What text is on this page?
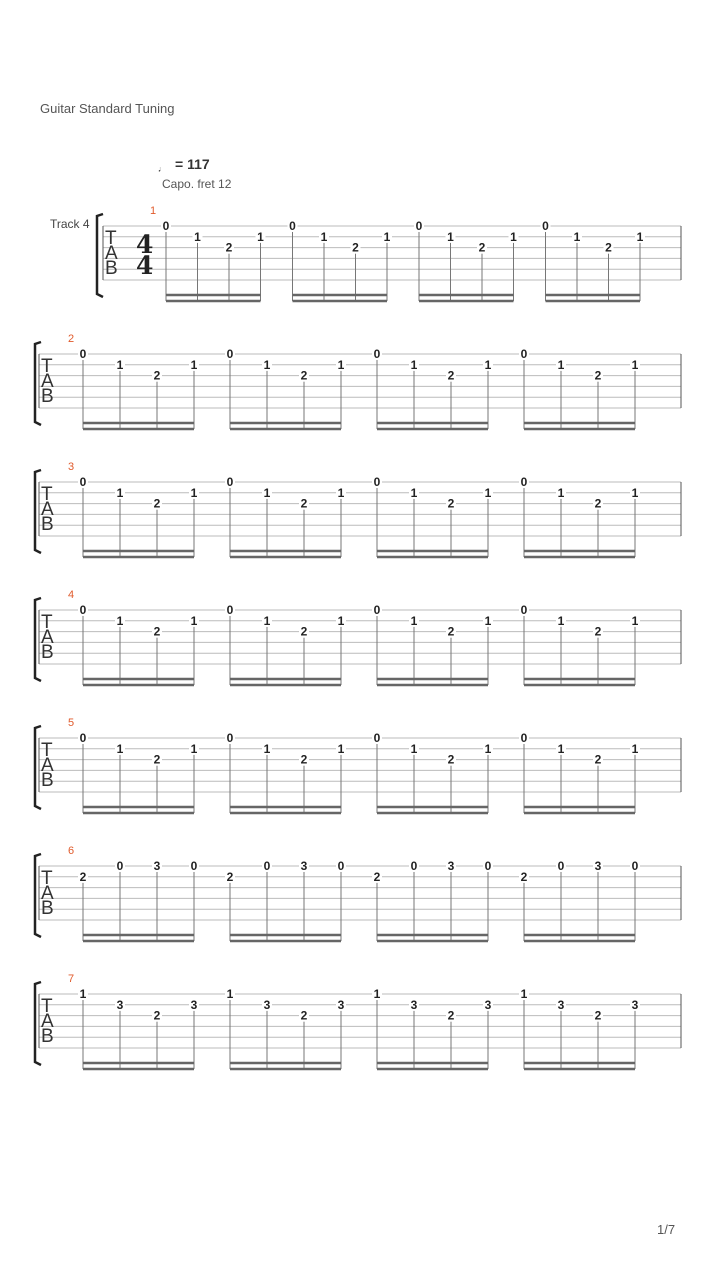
Guitar Standard Tuning
= 117
Capo. fret 12
Track 4
T
A
B
4
4
1
0
1
2
1
0
1
2
1
0
1
2
1
0
1
2
1
T
A
B
2
0
1
2
1
0
1
2
1
0
1
2
1
0
1
2
1
T
A
B
3
0
1
2
1
0
1
2
1
0
1
2
1
0
1
2
1
T
A
B
4
0
1
2
1
0
1
2
1
0
1
2
1
0
1
2
1
T
A
B
5
0
1
2
1
0
1
2
1
0
1
2
1
0
1
2
1
T
A
B
6
2
0	3	0
2
0	3	0
2
0	3	0
2
0	3	0
T
A
B
7
1
3
2
3
1
3
2
3
1
3
2
3
1
3
2
3
1/7
